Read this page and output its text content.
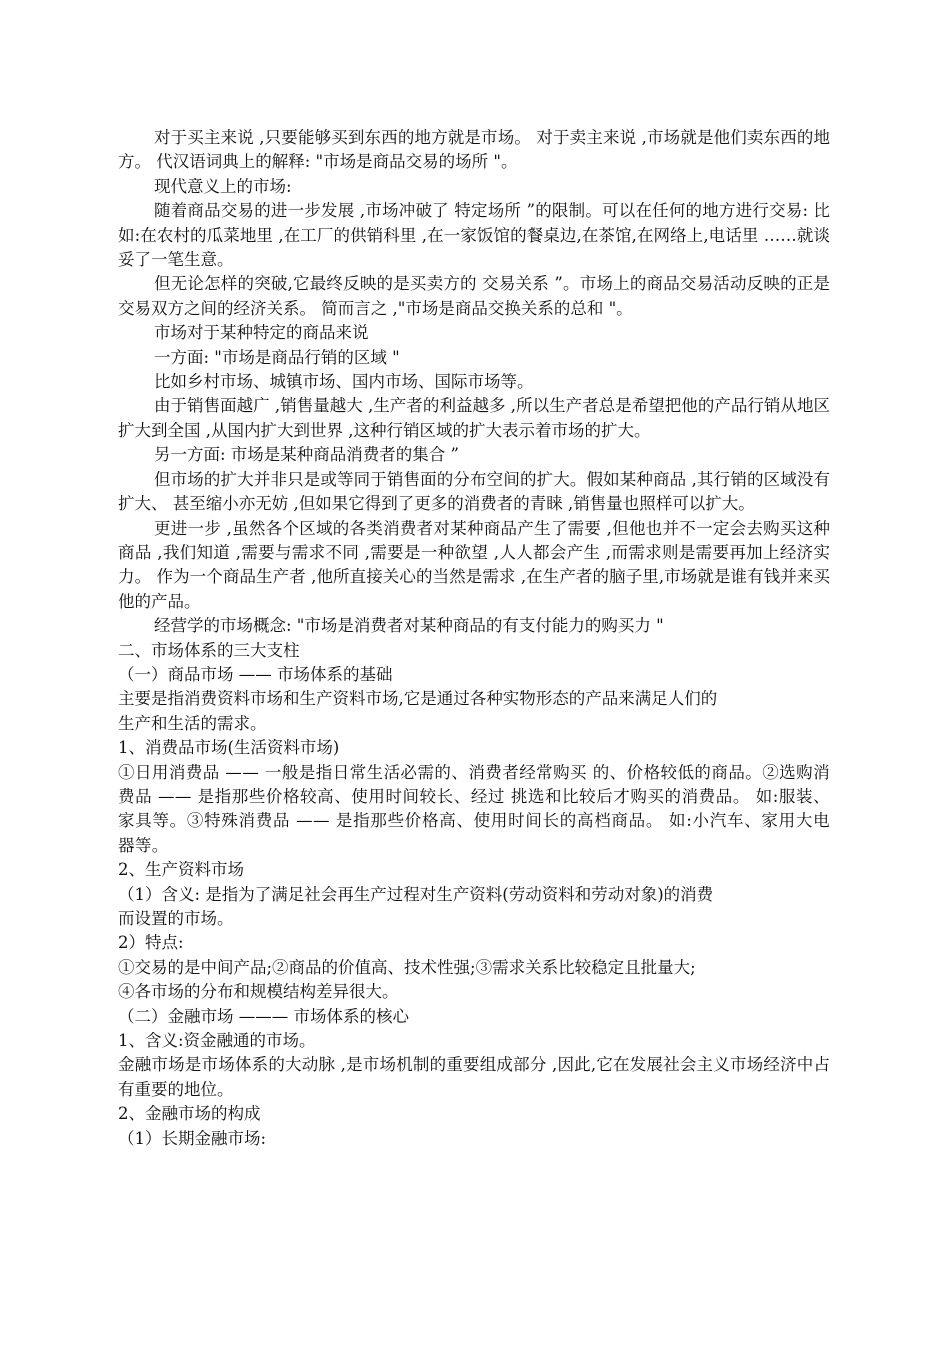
对于买主来说 ,只要能够买到东西的地方就是市场。 对于卖主来说 ,市场就是他们卖东西的地方。 代汉语词典上的解释: "市场是商品交易的场所 "。

现代意义上的市场:

随着商品交易的进一步发展 ,市场冲破了 特定场所 ”的限制。可以在任何的地方进行交易: 比如:在农村的瓜菜地里 ,在工厂的供销科里 ,在一家饭馆的餐桌边,在茶馆,在网络上,电话里 ……就谈妥了一笔生意。

但无论怎样的突破,它最终反映的是买卖方的 交易关系 ”。市场上的商品交易活动反映的正是交易双方之间的经济关系。 简而言之 ,"市场是商品交换关系的总和 "。

市场对于某种特定的商品来说

一方面: "市场是商品行销的区域 "

比如乡村市场、城镇市场、国内市场、国际市场等。

由于销售面越广 ,销售量越大 ,生产者的利益越多 ,所以生产者总是希望把他的产品行销从地区扩大到全国 ,从国内扩大到世界 ,这种行销区域的扩大表示着市场的扩大。

另一方面: 市场是某种商品消费者的集合 ”

但市场的扩大并非只是或等同于销售面的分布空间的扩大。假如某种商品 ,其行销的区域没有扩大、 甚至缩小亦无妨 ,但如果它得到了更多的消费者的青睐 ,销售量也照样可以扩大。

更进一步 ,虽然各个区域的各类消费者对某种商品产生了需要 ,但他也并不一定会去购买这种商品 ,我们知道 ,需要与需求不同 ,需要是一种欲望 ,人人都会产生 ,而需求则是需要再加上经济实力。 作为一个商品生产者 ,他所直接关心的当然是需求 ,在生产者的脑子里,市场就是谁有钱并来买他的产品。

经营学的市场概念: "市场是消费者对某种商品的有支付能力的购买力 "

二、市场体系的三大支柱

（一）商品市场 —— 市场体系的基础

主要是指消费资料市场和生产资料市场,它是通过各种实物形态的产品来满足人们的
生产和生活的需求。

1、消费品市场(生活资料市场)

①日用消费品 —— 一般是指日常生活必需的、消费者经常购买 的、价格较低的商品。②选购消费品 —— 是指那些价格较高、使用时间较长、经过 挑选和比较后才购买的消费品。 如:服装、家具等。③特殊消费品 —— 是指那些价格高、使用时间长的高档商品。 如:小汽车、家用大电器等。

2、生产资料市场

（1）含义: 是指为了满足社会再生产过程对生产资料(劳动资料和劳动对象)的消费
而设置的市场。

2）特点:

①交易的是中间产品;②商品的价值高、技术性强;③需求关系比较稳定且批量大;
④各市场的分布和规模结构差异很大。

（二）金融市场 ——— 市场体系的核心

1、含义:资金融通的市场。

金融市场是市场体系的大动脉 ,是市场机制的重要组成部分 ,因此,它在发展社会主义市场经济中占有重要的地位。

2、金融市场的构成

（1）长期金融市场:
